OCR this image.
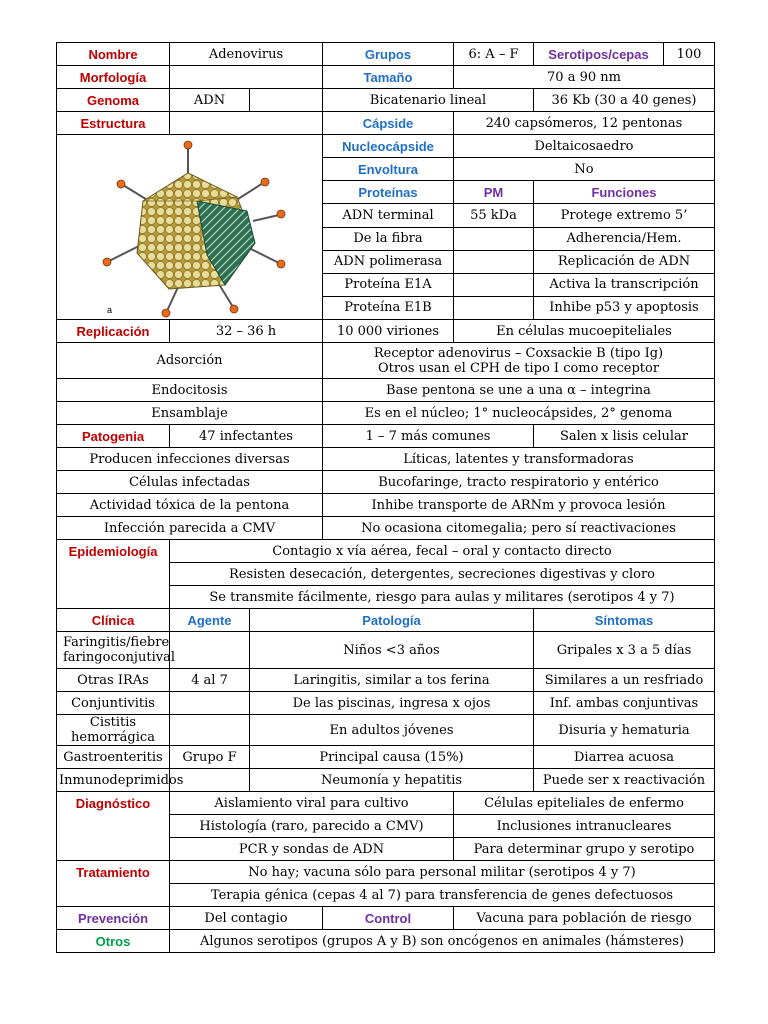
Nombre	Adenovirus		Grupos	6: A – F	Serotipos/cepas	100
Morfología			Tamaño	70 a 90 nm		
Genoma	ADN		Bicatenario lineal		36 Kb (30 a 40 genes)	
Estructura			Cápside	240 capsómeros, 12 pentonas		

a			Nucleocápside	Deltaicosaedro		
			Envoltura	No		
			Proteínas	PM	Funciones	
			ADN terminal	55 kDa	Protege extremo 5’	
			De la fibra		Adherencia/Hem.	
			ADN polimerasa		Replicación de ADN	
			Proteína E1A		Activa la transcripción	
			Proteína E1B		Inhibe p53 y apoptosis	
Replicación	32 – 36 h		10 000 viriones	En células mucoepiteliales		
Adsorción			Receptor adenovirus – Coxsackie B (tipo Ig)
Otros usan el CPH de tipo I como receptor			

Endocitosis			Base pentona se une a una α – integrina			
Ensamblaje			Es en el núcleo; 1° nucleocápsides, 2° genoma			
Patogenia	47 infectantes		1 – 7 más comunes		Salen x lisis celular	
Producen infecciones diversas			Líticas, latentes y transformadoras			
Células infectadas			Bucofaringe, tracto respiratorio y entérico			
Actividad tóxica de la pentona			Inhibe transporte de ARNm y provoca lesión			
Infección parecida a CMV			No ocasiona citomegalia; pero sí reactivaciones			
Epidemiología	Contagio x vía aérea, fecal – oral y contacto directo					
	Resisten desecación, detergentes, secreciones digestivas y cloro					
	Se transmite fácilmente, riesgo para aulas y militares (serotipos 4 y 7)					
Clínica	Agente	Patología			Síntomas	
Faringitis/fiebre faringoconjutival		Niños <3 años			Gripales x 3 a 5 días	
Otras IRAs	4 al 7	Laringitis, similar a tos ferina			Similares a un resfriado	
Conjuntivitis		De las piscinas, ingresa x ojos			Inf. ambas conjuntivas	
Cistitis hemorrágica		En adultos jóvenes			Disuria y hematuria	
Gastroenteritis	Grupo F	Principal causa (15%)			Diarrea acuosa	
Inmunodeprimidos		Neumonía y hepatitis			Puede ser x reactivación	
Diagnóstico	Aislamiento viral para cultivo			Células epiteliales de enfermo		
	Histología (raro, parecido a CMV)			Inclusiones intranucleares		
	PCR y sondas de ADN			Para determinar grupo y serotipo		
Tratamiento	No hay; vacuna sólo para personal militar (serotipos 4 y 7)					
	Terapia génica (cepas 4 al 7) para transferencia de genes defectuosos					
Prevención	Del contagio		Control	Vacuna para población de riesgo		
Otros	Algunos serotipos (grupos A y B) son oncógenos en animales (hámsteres)					
